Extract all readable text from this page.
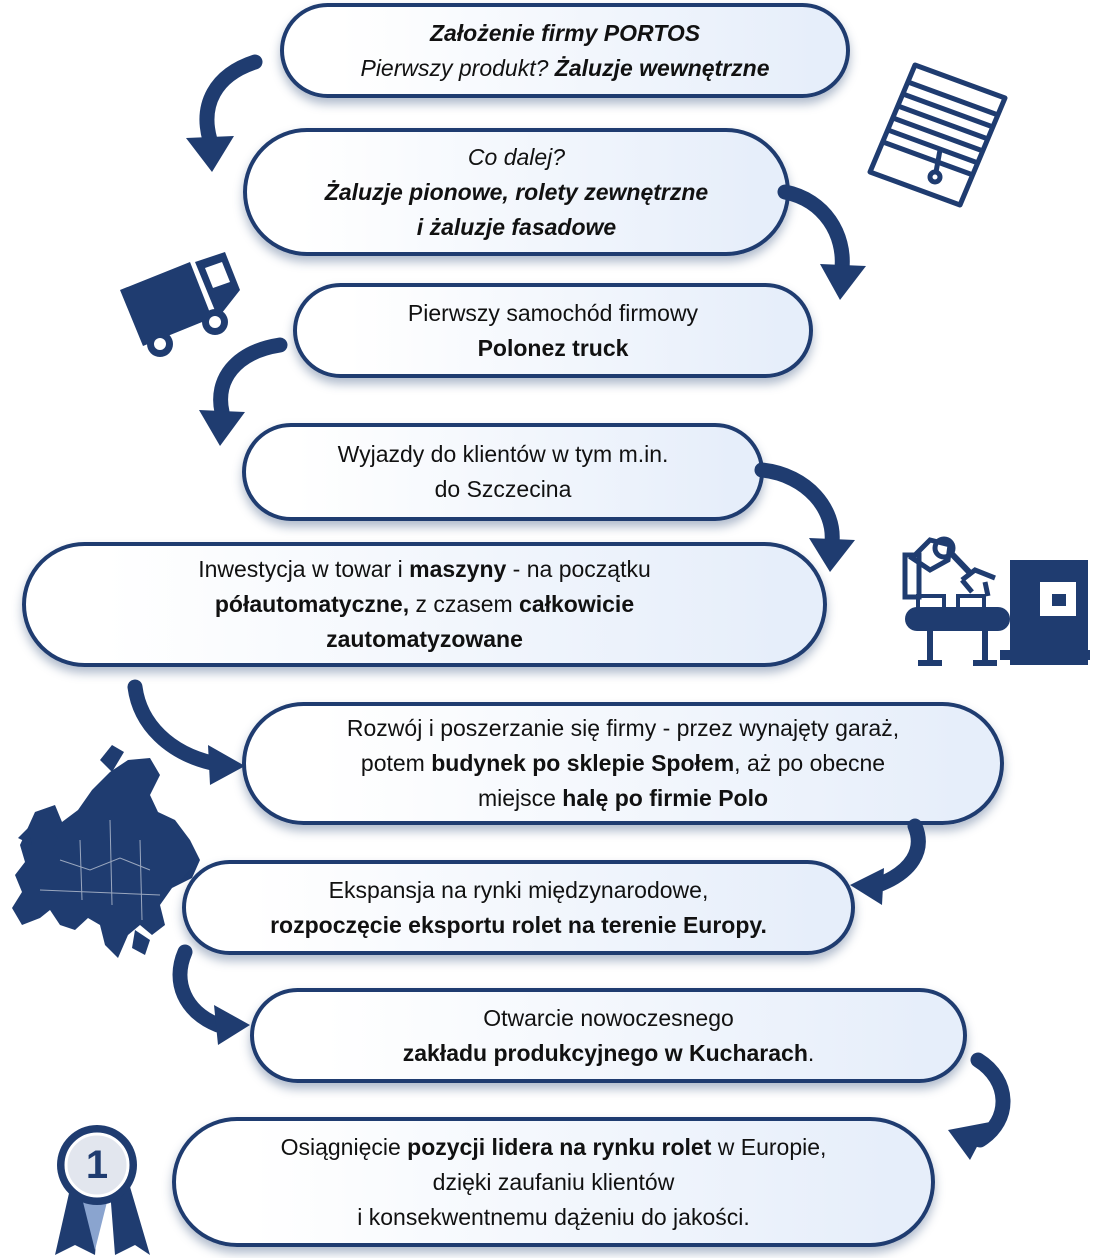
1
Założenie firmy PORTOS
Pierwszy produkt? Żaluzje wewnętrzne
Co dalej?
Żaluzje pionowe, rolety zewnętrzne
i żaluzje fasadowe
Pierwszy samochód firmowy
Polonez truck
Wyjazdy do klientów w tym m.in.
do Szczecina
Inwestycja w towar i maszyny - na początku
półautomatyczne, z czasem całkowicie
zautomatyzowane
Rozwój i poszerzanie się firmy - przez wynajęty garaż,
potem budynek po sklepie Społem, aż po obecne
miejsce halę po firmie Polo
Ekspansja na rynki międzynarodowe,
rozpoczęcie eksportu rolet na terenie Europy.
Otwarcie nowoczesnego
zakładu produkcyjnego w Kucharach.
Osiągnięcie pozycji lidera na rynku rolet w Europie,
dzięki zaufaniu klientów
i konsekwentnemu dążeniu do jakości.
